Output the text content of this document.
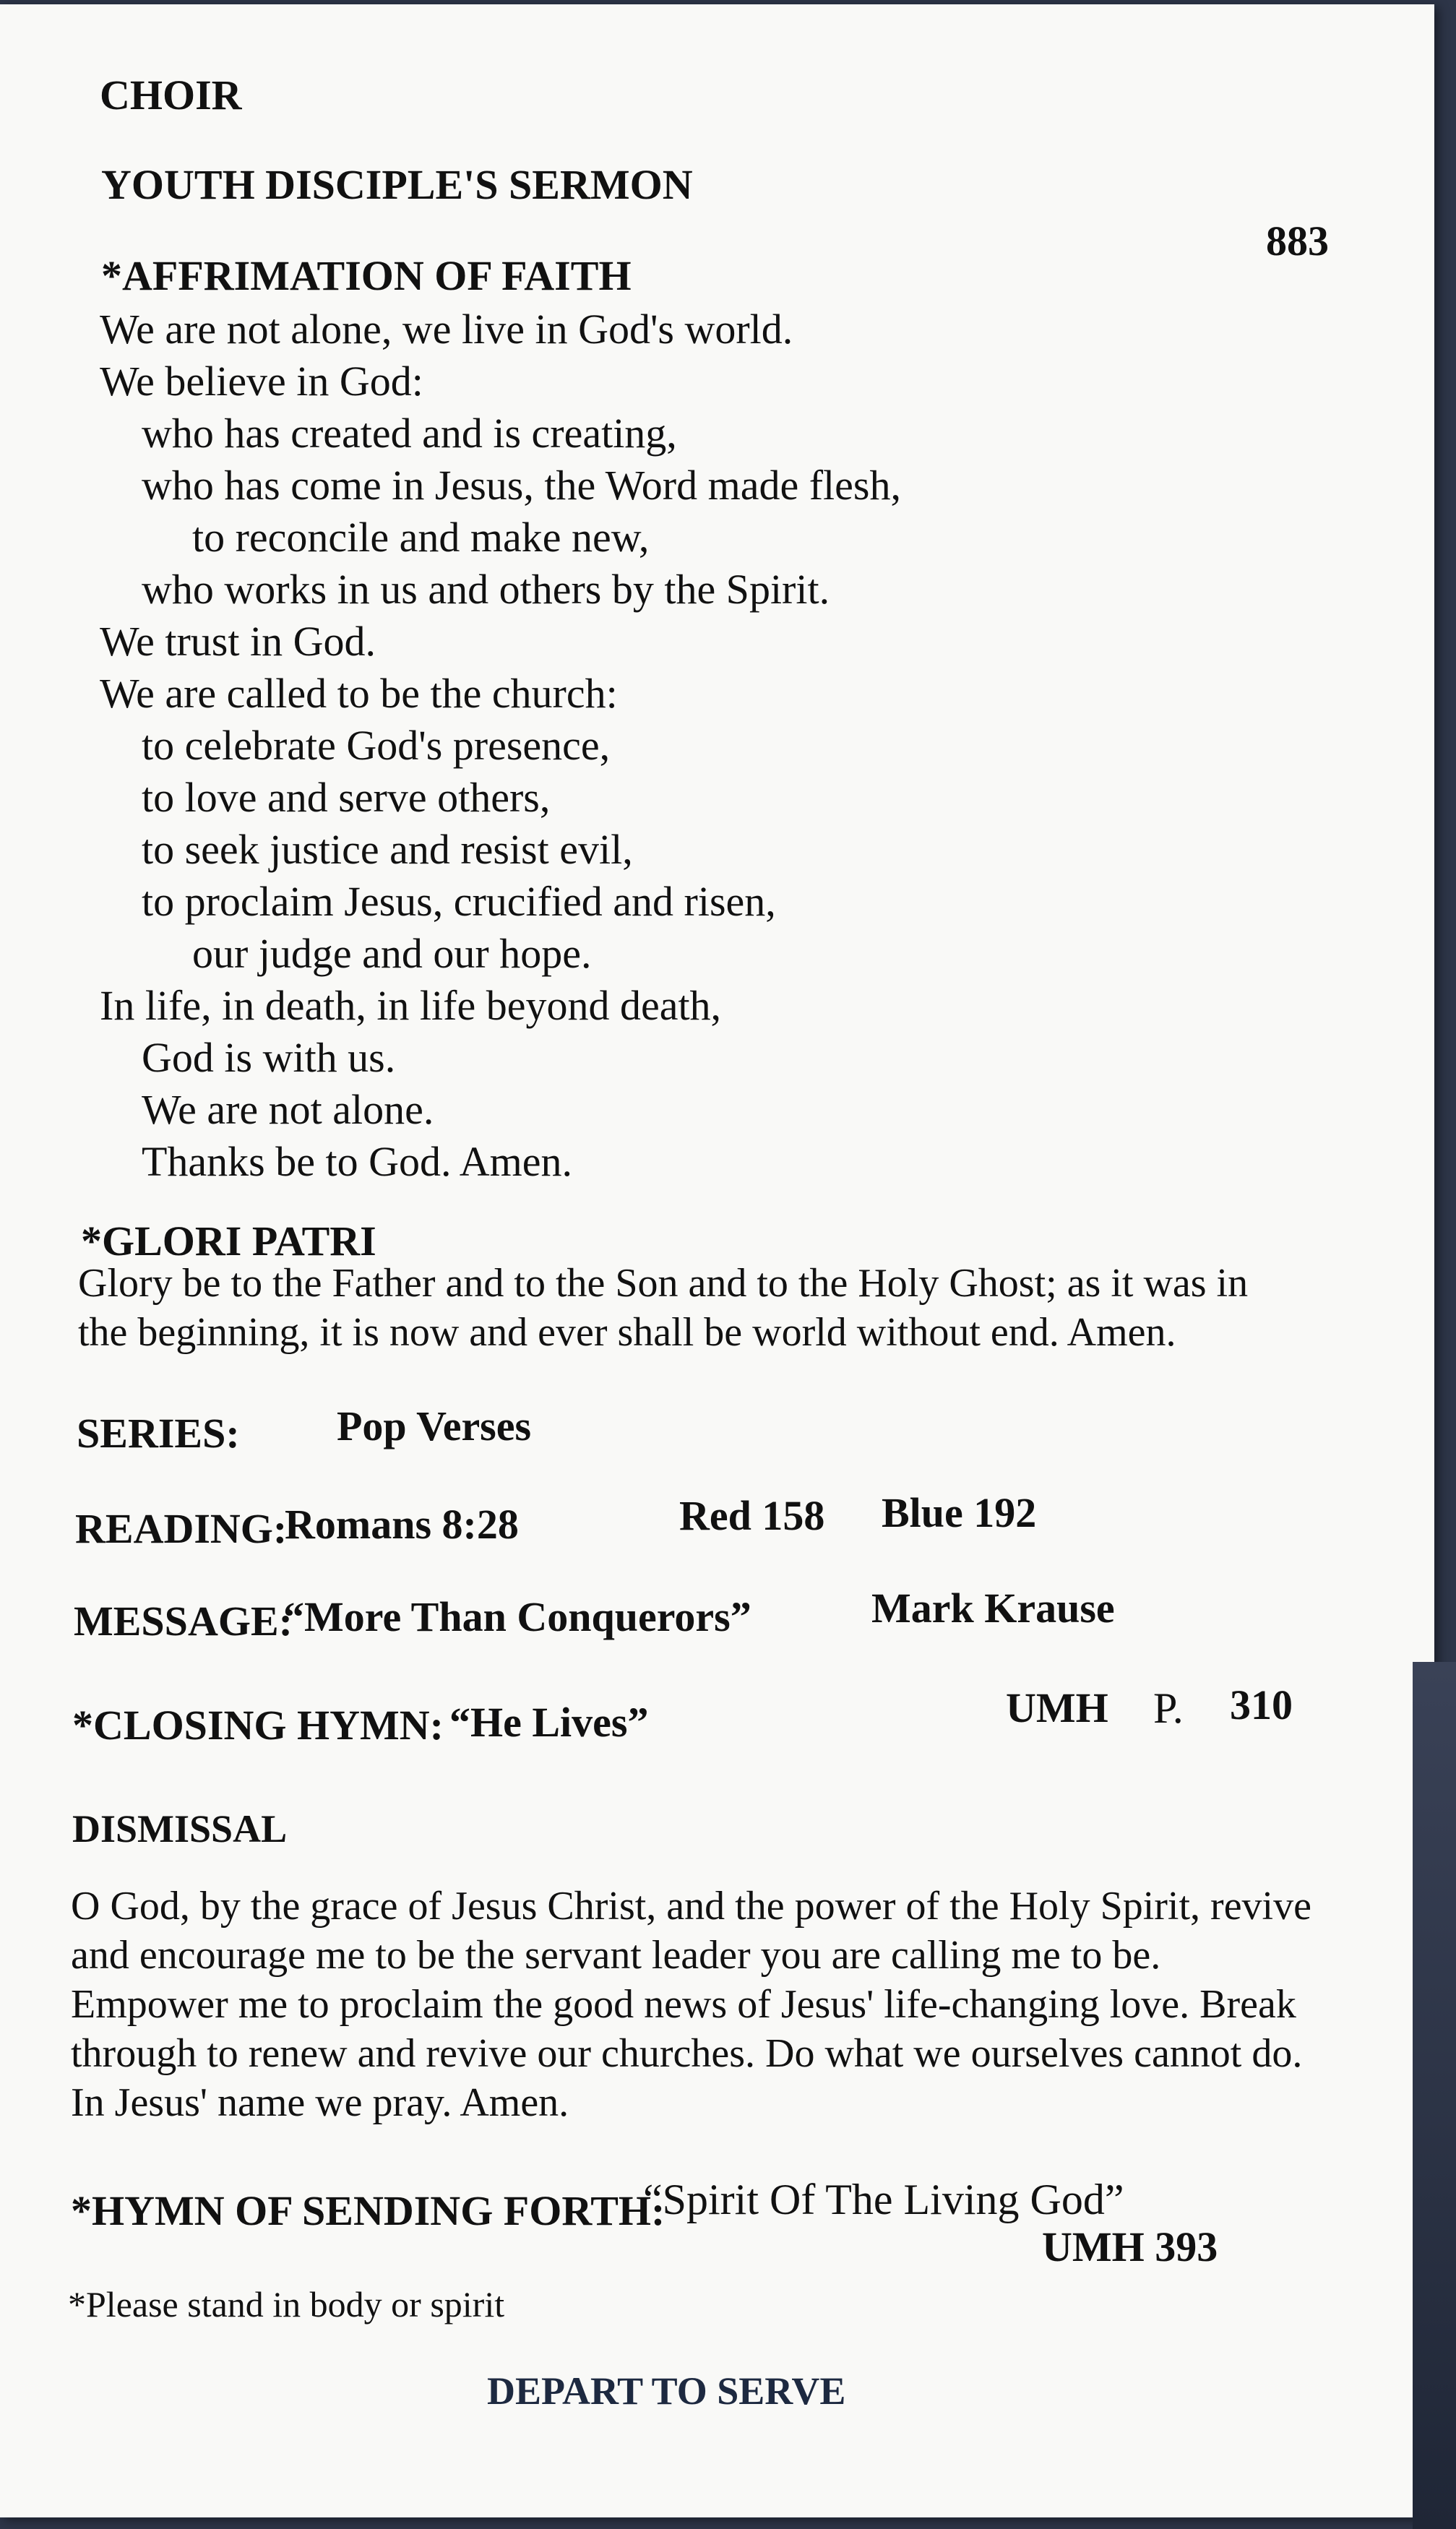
CHOIR
YOUTH DISCIPLE'S SERMON
*AFFRIMATION OF FAITH
883
We are not alone, we live in God's world.
We believe in God:
who has created and is creating,
who has come in Jesus, the Word made flesh,
to reconcile and make new,
who works in us and others by the Spirit.
We trust in God.
We are called to be the church:
to celebrate God's presence,
to love and serve others,
to seek justice and resist evil,
to proclaim Jesus, crucified and risen,
our judge and our hope.
In life, in death, in life beyond death,
God is with us.
We are not alone.
Thanks be to God. Amen.
*GLORI PATRI
Glory be to the Father and to the Son and to the Holy Ghost; as it was in the beginning, it is now and ever shall be world without end. Amen.
SERIES: Pop Verses
READING:
Romans 8:28	Red 158 Blue 192
MESSAGE:
“More Than Conquerors”	Mark Krause
*CLOSING HYMN: “He Lives”	UMH P. 310
DISMISSAL
O God, by the grace of Jesus Christ, and the power of the Holy Spirit, revive and encourage me to be the servant leader you are calling me to be. Empower me to proclaim the good news of Jesus' life-changing love. Break through to renew and revive our churches. Do what we ourselves cannot do. In Jesus' name we pray. Amen.
*HYMN OF SENDING FORTH:
“Spirit Of The Living God”
UMH 393
*Please stand in body or spirit
DEPART TO SERVE
